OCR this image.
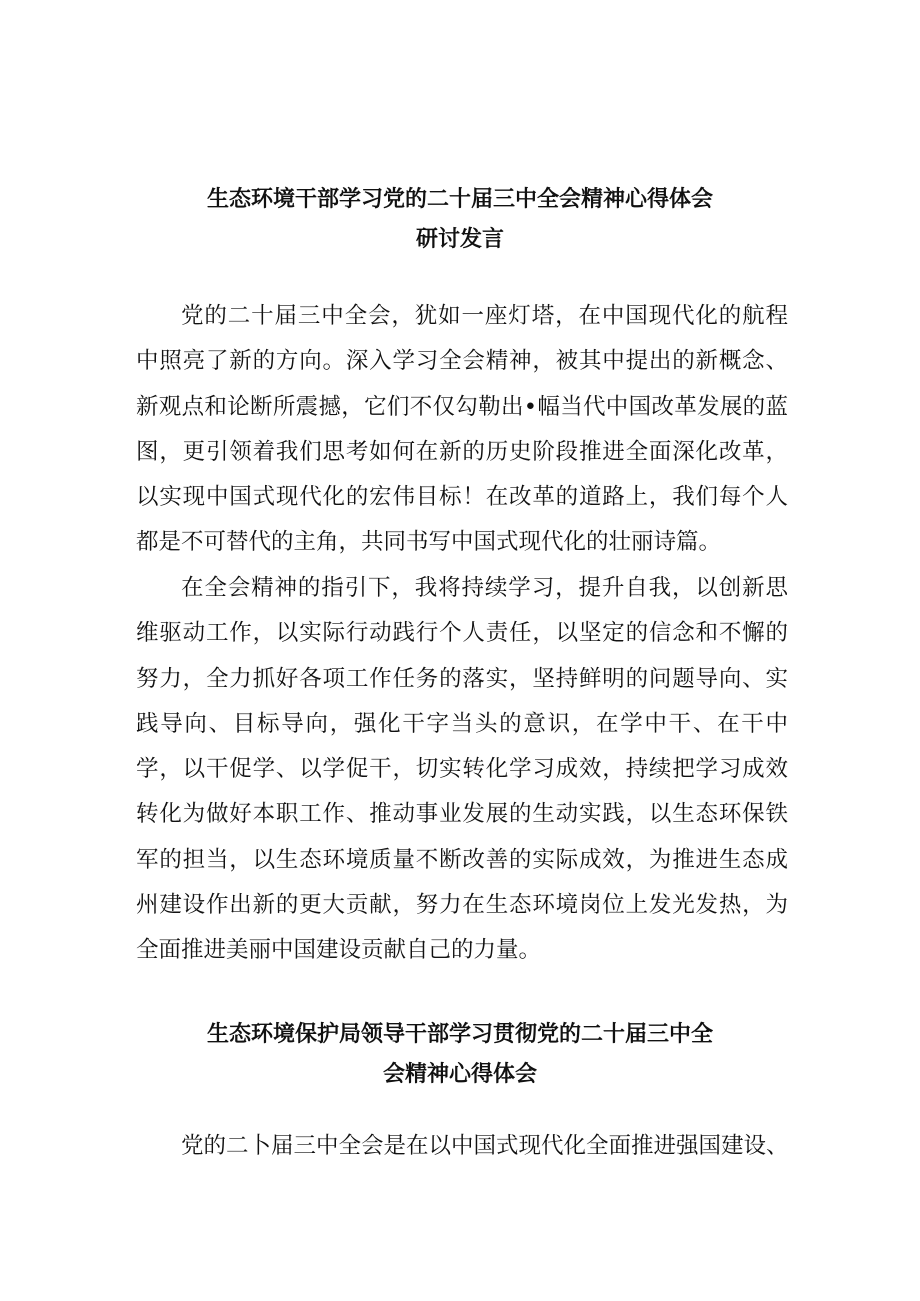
生态环境干部学习党的二十届三中全会精神心得体会
研讨发言

党的二十届三中全会，犹如一座灯塔，在中国现代化的航程中照亮了新的方向。深入学习全会精神，被其中提出的新概念、新观点和论断所震撼，它们不仅勾勒出•幅当代中国改革发展的蓝图，更引领着我们思考如何在新的历史阶段推进全面深化改革，以实现中国式现代化的宏伟目标！在改革的道路上，我们每个人都是不可替代的主角，共同书写中国式现代化的壮丽诗篇。

在全会精神的指引下，我将持续学习，提升自我，以创新思维驱动工作，以实际行动践行个人责任，以坚定的信念和不懈的努力，全力抓好各项工作任务的落实，坚持鲜明的问题导向、实践导向、目标导向，强化干字当头的意识，在学中干、在干中学，以干促学、以学促干，切实转化学习成效，持续把学习成效转化为做好本职工作、推动事业发展的生动实践，以生态环保铁军的担当，以生态环境质量不断改善的实际成效，为推进生态成州建设作出新的更大贡献，努力在生态环境岗位上发光发热，为全面推进美丽中国建设贡献自己的力量。

生态环境保护局领导干部学习贯彻党的二十届三中全
会精神心得体会

党的二卜届三中全会是在以中国式现代化全面推进强国建设、
